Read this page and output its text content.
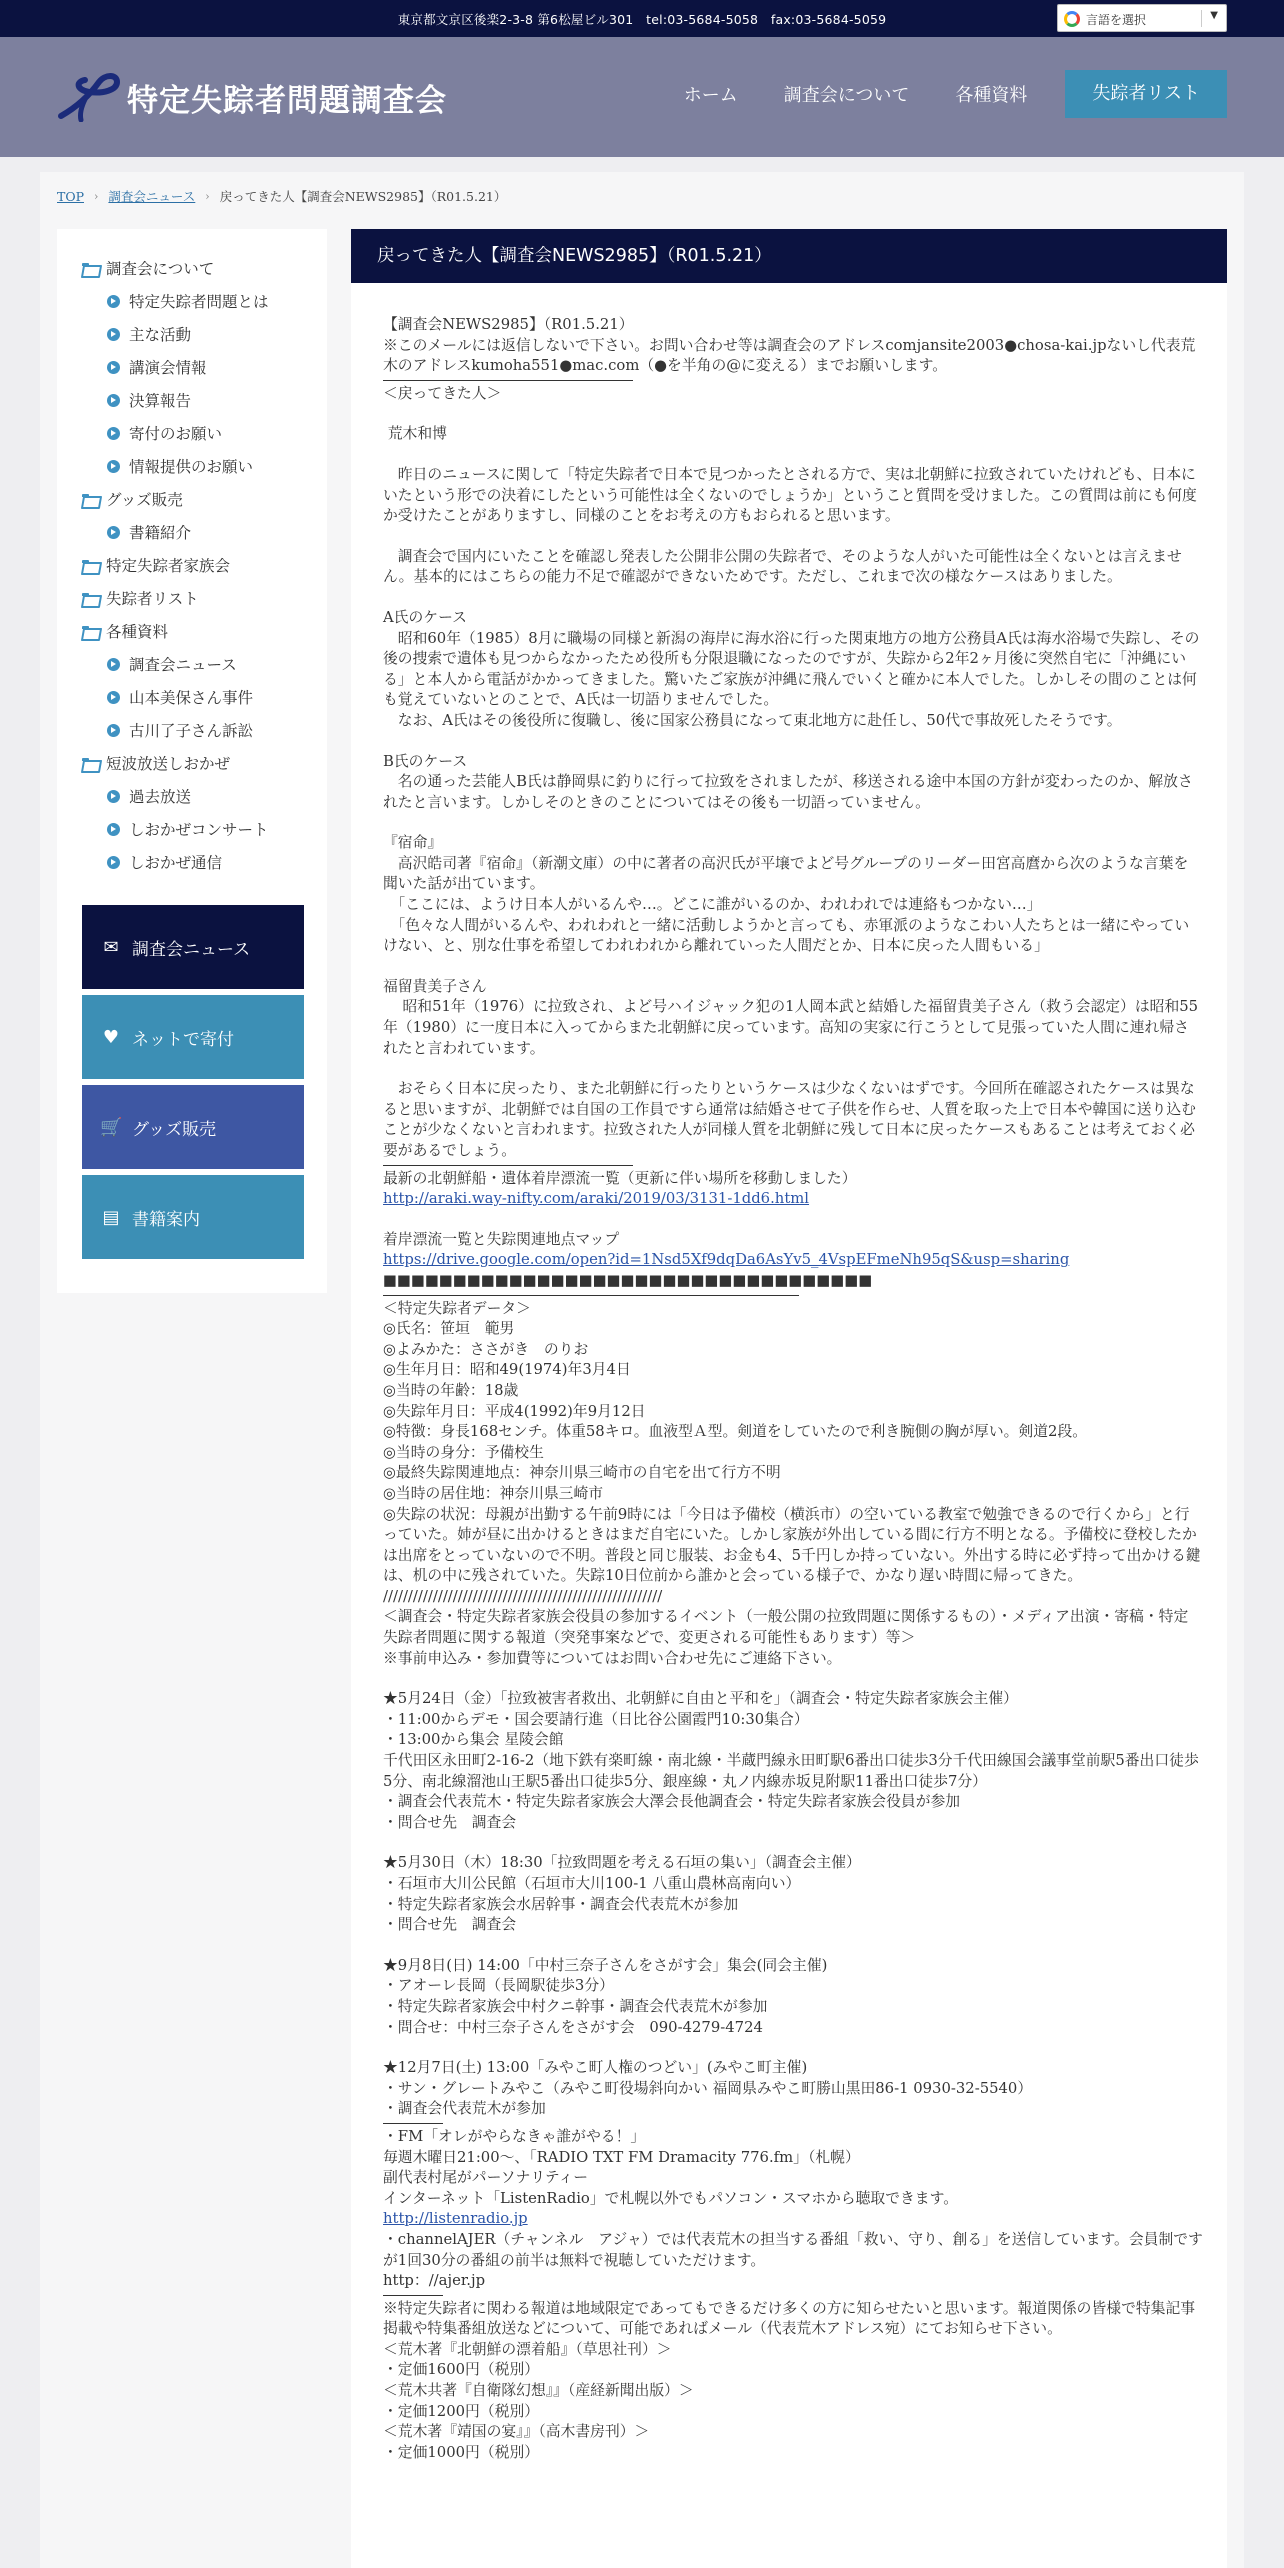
東京都文京区後楽2-3-8 第6松屋ビル301　tel:03-5684-5058　fax:03-5684-5059	言語を選択	▼
特定失踪者問題調査会	ホーム	調査会について	各種資料	失踪者リスト
TOP › 調査会ニュース › 戻ってきた人【調査会NEWS2985】（R01.5.21）
調査会について
特定失踪者問題とは
主な活動
講演会情報
決算報告
寄付のお願い
情報提供のお願い
グッズ販売
書籍紹介
特定失踪者家族会
失踪者リスト
各種資料
調査会ニュース
山本美保さん事件
古川了子さん訴訟
短波放送しおかぜ
過去放送
しおかぜコンサート
しおかぜ通信
✉ 調査会ニュース
♥ ネットで寄付
🛒 グッズ販売
▤ 書籍案内
戻ってきた人【調査会NEWS2985】（R01.5.21）
【調査会NEWS2985】（R01.5.21）
※このメールには返信しないで下さい。お問い合わせ等は調査会のアドレスcomjansite2003●chosa-kai.jpないし代表荒木のアドレスkumoha551●mac.com（●を半角の@に変える）までお願いします。
＜戻ってきた人＞
荒木和博
　昨日のニュースに関して「特定失踪者で日本で見つかったとされる方で、実は北朝鮮に拉致されていたけれども、日本にいたという形での決着にしたという可能性は全くないのでしょうか」ということ質問を受けました。この質問は前にも何度か受けたことがありますし、同様のことをお考えの方もおられると思います。
　調査会で国内にいたことを確認し発表した公開非公開の失踪者で、そのような人がいた可能性は全くないとは言えません。基本的にはこちらの能力不足で確認ができないためです。ただし、これまで次の様なケースはありました。
A氏のケース
　昭和60年（1985）8月に職場の同様と新潟の海岸に海水浴に行った関東地方の地方公務員A氏は海水浴場で失踪し、その後の捜索で遺体も見つからなかったため役所も分限退職になったのですが、失踪から2年2ヶ月後に突然自宅に「沖縄にいる」と本人から電話がかかってきました。驚いたご家族が沖縄に飛んでいくと確かに本人でした。しかしその間のことは何も覚えていないとのことで、A氏は一切語りませんでした。
　なお、A氏はその後役所に復職し、後に国家公務員になって東北地方に赴任し、50代で事故死したそうです。
B氏のケース
　名の通った芸能人B氏は静岡県に釣りに行って拉致をされましたが、移送される途中本国の方針が変わったのか、解放されたと言います。しかしそのときのことについてはその後も一切語っていません。
『宿命』
　高沢皓司著『宿命』（新潮文庫）の中に著者の高沢氏が平壌でよど号グループのリーダー田宮高麿から次のような言葉を聞いた話が出ています。
　「ここには、ようけ日本人がいるんや…。どこに誰がいるのか、われわれでは連絡もつかない…」
　「色々な人間がいるんや、われわれと一緒に活動しようかと言っても、赤軍派のようなこわい人たちとは一緒にやっていけない、と、別な仕事を希望してわれわれから離れていった人間だとか、日本に戻った人間もいる」
福留貴美子さん
　 昭和51年（1976）に拉致され、よど号ハイジャック犯の1人岡本武と結婚した福留貴美子さん（救う会認定）は昭和55年（1980）に一度日本に入ってからまた北朝鮮に戻っています。高知の実家に行こうとして見張っていた人間に連れ帰されたと言われています。
　おそらく日本に戻ったり、また北朝鮮に行ったりというケースは少なくないはずです。今回所在確認されたケースは異なると思いますが、北朝鮮では自国の工作員ですら通常は結婚させて子供を作らせ、人質を取った上で日本や韓国に送り込むことが少なくないと言われます。拉致された人が同様人質を北朝鮮に残して日本に戻ったケースもあることは考えておく必要があるでしょう。
最新の北朝鮮船・遺体着岸漂流一覧（更新に伴い場所を移動しました）
http://araki.way-nifty.com/araki/2019/03/3131-1dd6.html
着岸漂流一覧と失踪関連地点マップ
https://drive.google.com/open?id=1Nsd5Xf9dqDa6AsYv5_4VspEFmeNh95qS&usp=sharing
■■■■■■■■■■■■■■■■■■■■■■■■■■■■■■■■■■■
＜特定失踪者データ＞
◎氏名：笹垣　範男
◎よみかた：ささがき　のりお
◎生年月日：昭和49(1974)年3月4日
◎当時の年齢：18歳
◎失踪年月日：平成4(1992)年9月12日
◎特徴：身長168センチ。体重58キロ。血液型Ａ型。剣道をしていたので利き腕側の胸が厚い。剣道2段。
◎当時の身分：予備校生
◎最終失踪関連地点：神奈川県三崎市の自宅を出て行方不明
◎当時の居住地：神奈川県三崎市
◎失踪の状況：母親が出勤する午前9時には「今日は予備校（横浜市）の空いている教室で勉強できるので行くから」と行っていた。姉が昼に出かけるときはまだ自宅にいた。しかし家族が外出している間に行方不明となる。予備校に登校したかは出席をとっていないので不明。普段と同じ服装、お金も4、5千円しか持っていない。外出する時に必ず持って出かける鍵は、机の中に残されていた。失踪10日位前から誰かと会っている様子で、かなり遅い時間に帰ってきた。
////////////////////////////////////////////////////////
＜調査会・特定失踪者家族会役員の参加するイベント（一般公開の拉致問題に関係するもの）・メディア出演・寄稿・特定失踪者問題に関する報道（突発事案などで、変更される可能性もあります）等＞
※事前申込み・参加費等についてはお問い合わせ先にご連絡下さい。
★5月24日（金）「拉致被害者救出、北朝鮮に自由と平和を」（調査会・特定失踪者家族会主催）
・11:00からデモ・国会要請行進（日比谷公園霞門10:30集合）
・13:00から集会 星陵会館
千代田区永田町2-16-2（地下鉄有楽町線・南北線・半蔵門線永田町駅6番出口徒歩3分千代田線国会議事堂前駅5番出口徒歩5分、南北線溜池山王駅5番出口徒歩5分、銀座線・丸ノ内線赤坂見附駅11番出口徒歩7分）
・調査会代表荒木・特定失踪者家族会大澤会長他調査会・特定失踪者家族会役員が参加
・問合せ先　調査会
★5月30日（木）18:30「拉致問題を考える石垣の集い」（調査会主催）
・石垣市大川公民館（石垣市大川100-1 八重山農林高南向い）
・特定失踪者家族会水居幹事・調査会代表荒木が参加
・問合せ先　調査会
★9月8日(日) 14:00「中村三奈子さんをさがす会」集会(同会主催)
・アオーレ長岡（長岡駅徒歩3分）
・特定失踪者家族会中村クニ幹事・調査会代表荒木が参加
・問合せ：中村三奈子さんをさがす会　090-4279-4724
★12月7日(土) 13:00「みやこ町人権のつどい」(みやこ町主催)
・サン・グレートみやこ（みやこ町役場斜向かい 福岡県みやこ町勝山黒田86-1 0930-32-5540）
・調査会代表荒木が参加
・FM「オレがやらなきゃ誰がやる！」
毎週木曜日21:00～、「RADIO TXT FM Dramacity 776.fm」（札幌）
副代表村尾がパーソナリティー
インターネット「ListenRadio」で札幌以外でもパソコン・スマホから聴取できます。
http://listenradio.jp
・channelAJER（チャンネル　アジャ）では代表荒木の担当する番組「救い、守り、創る」を送信しています。会員制ですが1回30分の番組の前半は無料で視聴していただけます。
http：//ajer.jp
※特定失踪者に関わる報道は地域限定であってもできるだけ多くの方に知らせたいと思います。報道関係の皆様で特集記事掲載や特集番組放送などについて、可能であればメール（代表荒木アドレス宛）にてお知らせ下さい。
＜荒木著『北朝鮮の漂着船』（草思社刊）＞
・定価1600円（税別）
＜荒木共著『自衛隊幻想』』（産経新聞出版）＞
・定価1200円（税別）
＜荒木著『靖国の宴』』（高木書房刊）＞
・定価1000円（税別）
